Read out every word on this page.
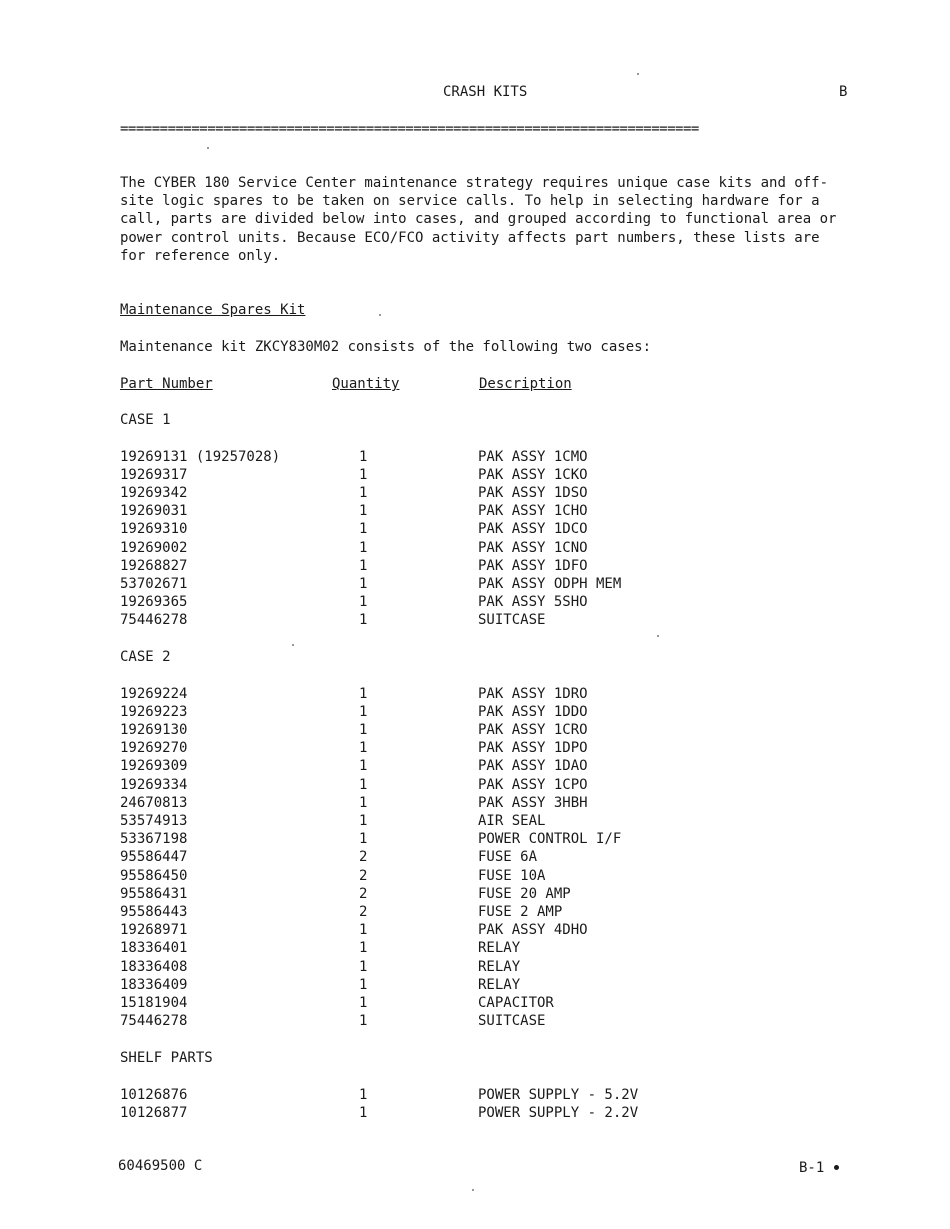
CRASH KITS	B
=========================================================================
The CYBER 180 Service Center maintenance strategy requires unique case kits and off-site logic spares to be taken on service calls. To help in selecting hardware for a call, parts are divided below into cases, and grouped according to functional area or power control units. Because ECO/FCO activity affects part numbers, these lists are for reference only.
Maintenance Spares Kit
Maintenance kit ZKCY830M02 consists of the following two cases:
Part Number	Quantity	Description
CASE 1
19269131 (19257028)	1	PAK ASSY 1CMO
19269317	1	PAK ASSY 1CKO
19269342	1	PAK ASSY 1DSO
19269031	1	PAK ASSY 1CHO
19269310	1	PAK ASSY 1DCO
19269002	1	PAK ASSY 1CNO
19268827	1	PAK ASSY 1DFO
53702671	1	PAK ASSY ODPH MEM
19269365	1	PAK ASSY 5SHO
75446278	1	SUITCASE
CASE 2
19269224	1	PAK ASSY 1DRO
19269223	1	PAK ASSY 1DDO
19269130	1	PAK ASSY 1CRO
19269270	1	PAK ASSY 1DPO
19269309	1	PAK ASSY 1DAO
19269334	1	PAK ASSY 1CPO
24670813	1	PAK ASSY 3HBH
53574913	1	AIR SEAL
53367198	1	POWER CONTROL I/F
95586447	2	FUSE 6A
95586450	2	FUSE 10A
95586431	2	FUSE 20 AMP
95586443	2	FUSE 2 AMP
19268971	1	PAK ASSY 4DHO
18336401	1	RELAY
18336408	1	RELAY
18336409	1	RELAY
15181904	1	CAPACITOR
75446278	1	SUITCASE
SHELF PARTS
10126876	1	POWER SUPPLY - 5.2V
10126877	1	POWER SUPPLY - 2.2V
60469500 C	B-1
